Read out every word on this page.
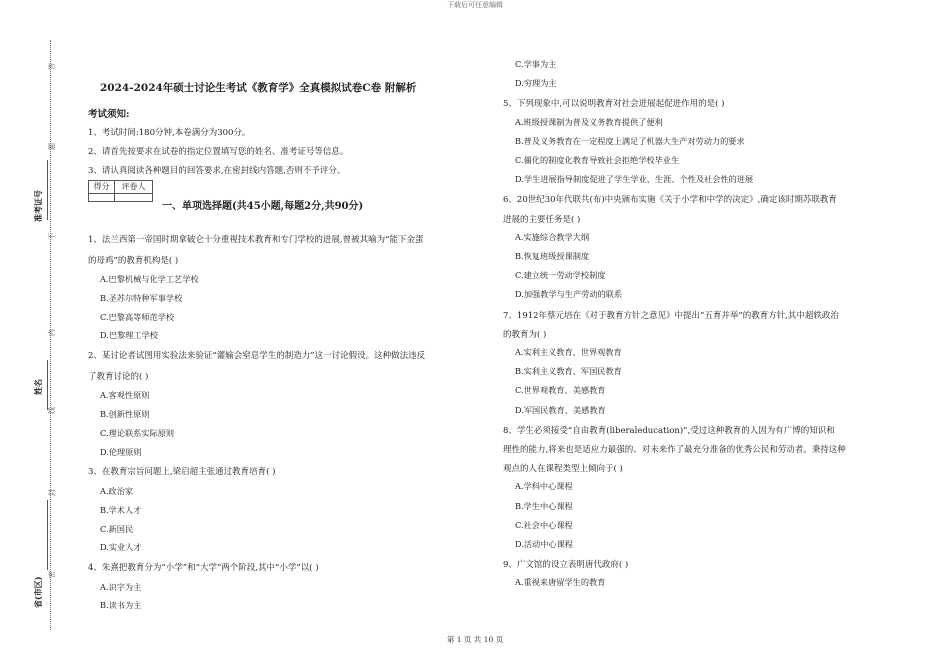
下载后可任意编辑
准考证号
姓名
省(市区)
答
题
不
内
线
封
密
2024-2024年硕士讨论生考试《教育学》全真模拟试卷C卷 附解析
考试须知:
1、考试时间:180分钟,本卷满分为300分。
2、请首先按要求在试卷的指定位置填写您的姓名、准考证号等信息。
3、请认真阅读各种题目的回答要求,在密封线内答题,否则不予评分。
得分	评卷人
一、单项选择题(共45小题,每题2分,共90分)
1、法兰西第一帝国时期拿破仑十分重视技术教育和专门学校的进展,曾被其喻为“能下金蛋
的母鸡”的教育机构是( )
A.巴黎机械与化学工艺学校
B.圣苏尔特种军事学校
C.巴黎高等师范学校
D.巴黎理工学校
2、某讨论者试图用实验法来验证“灌输会窒息学生的制造力”这一讨论假设。这种做法违反
了教育讨论的( )
A.客观性原则
B.创新性原则
C.理论联系实际原则
D.伦理原则
3、在教育宗旨问题上,梁启超主张通过教育培育( )
A.政治家
B.学术人才
C.新国民
D.实业人才
4、朱熹把教育分为“小学”和“大学”两个阶段,其中“小学”以( )
A.识字为主
B.读书为主
C.学事为主
D.穷理为主
5、下列现象中,可以说明教育对社会进展起促进作用的是( )
A.班级授课制为普及义务教育提供了便利
B.普及义务教育在一定程度上满足了机器大生产对劳动力的要求
C.僵化的制度化教育导致社会拒绝学校毕业生
D.学生进展指导制度促进了学生学业、生涯、个性及社会性的进展
6、20世纪30年代联共(布)中央颁布实施《关于小学和中学的决定》,确定该时期苏联教育
进展的主要任务是( )
A.实施综合教学大纲
B.恢复班级授课制度
C.建立统一劳动学校制度
D.加强教学与生产劳动的联系
7、1912年蔡元培在《对于教育方针之意见》中提出“五育并举”的教育方针,其中超轶政治
的教育为( )
A.实利主义教育、世界观教育
B.实利主义教育、军国民教育
C.世界观教育、美感教育
D.军国民教育、美感教育
8、学生必须接受“自由教育(liberaleducation)”,受过这种教育的人因为有广博的知识和
理性的能力,将来也是适应力最强的、对未来作了最充分准备的优秀公民和劳动者。秉持这种
观点的人在课程类型上倾向于( )
A.学科中心课程
B.学生中心课程
C.社会中心课程
D.活动中心课程
9、广文馆的设立表明唐代政府( )
A.重视来唐留学生的教育
第 1 页 共 10 页
